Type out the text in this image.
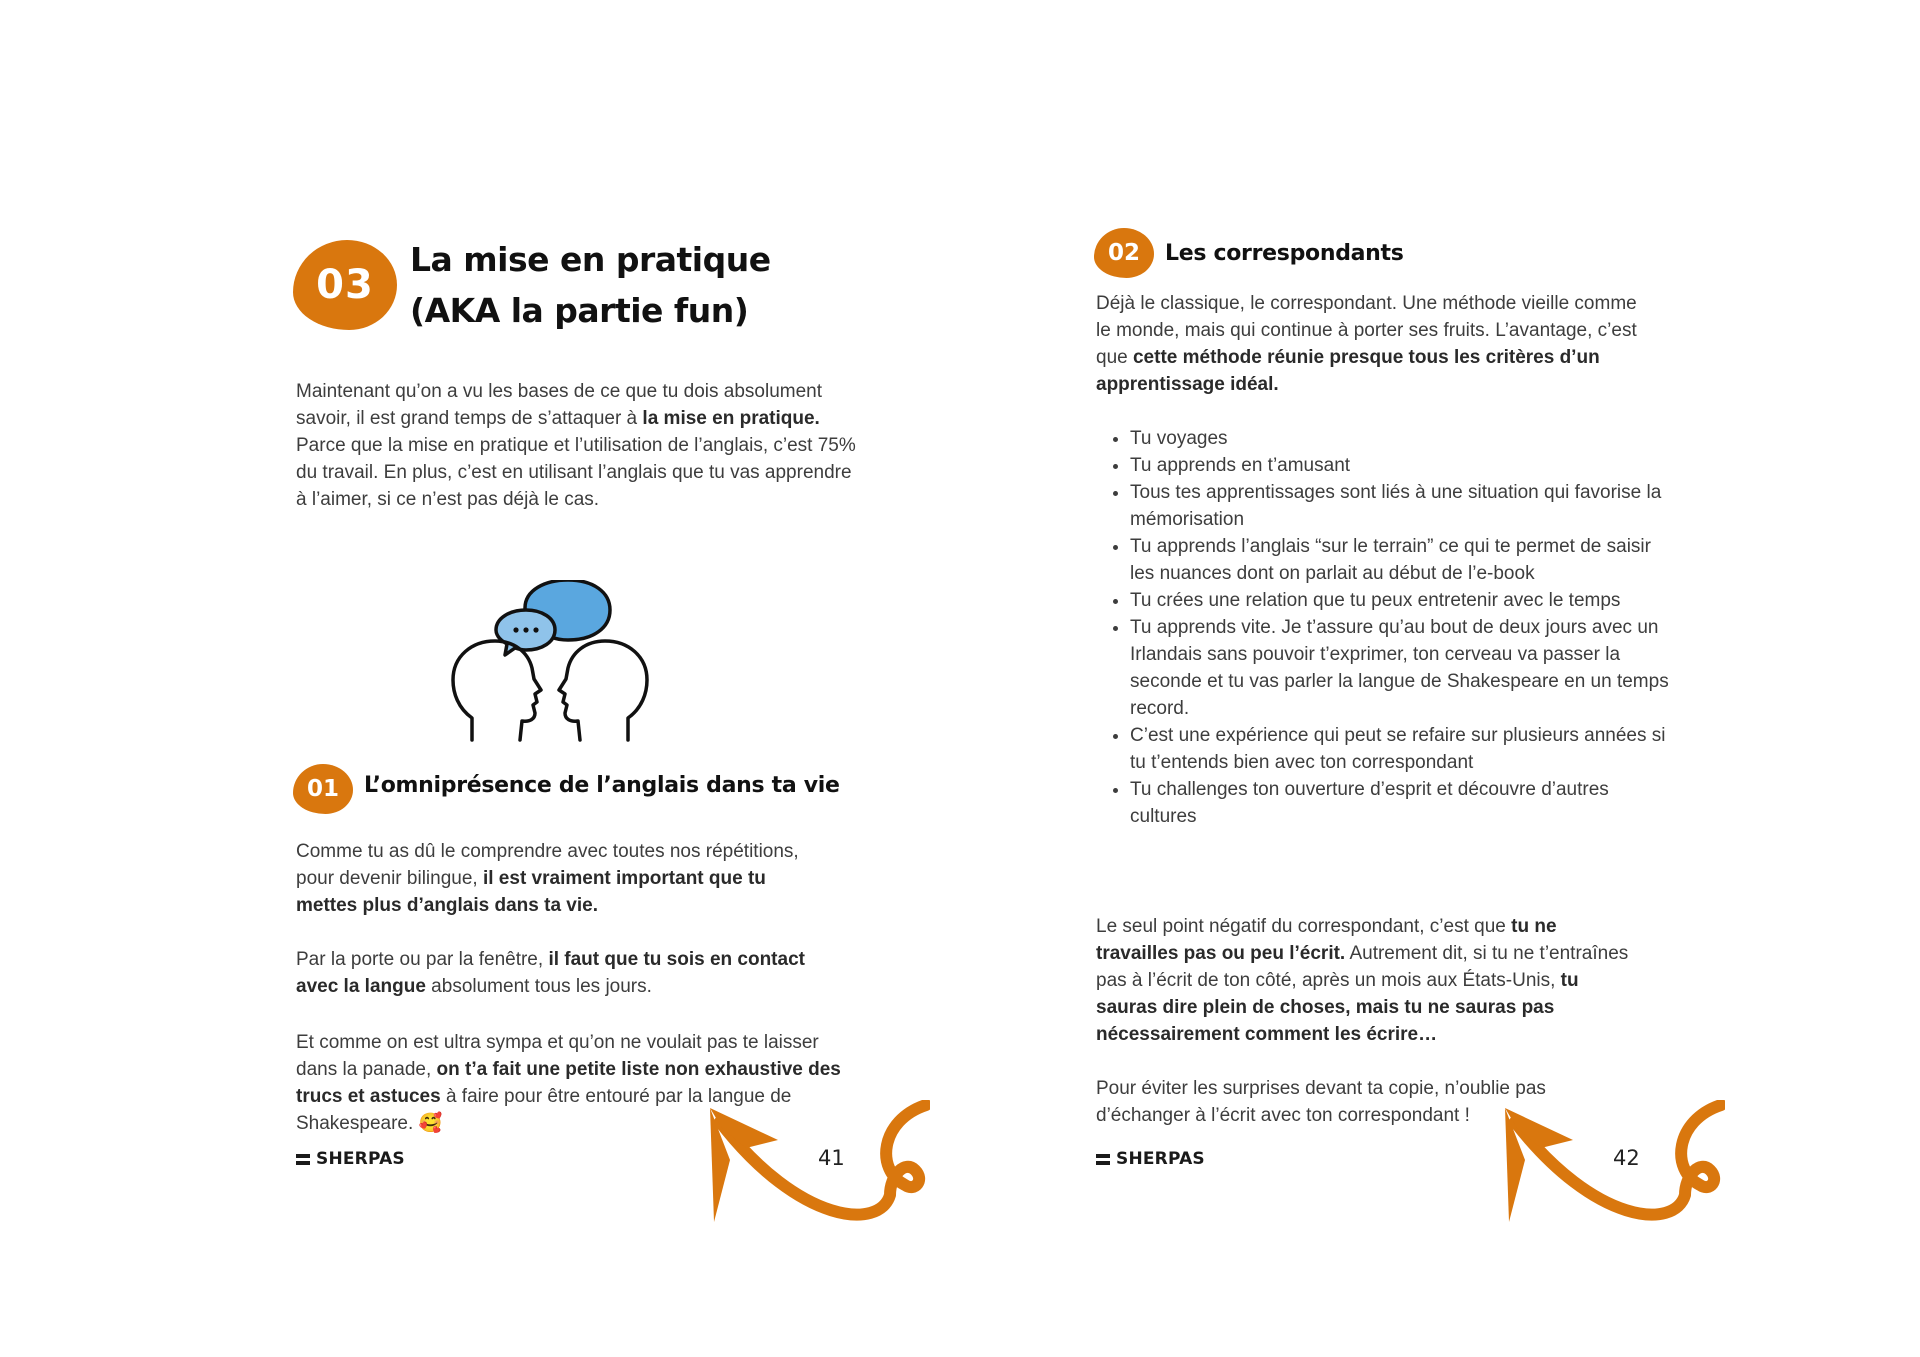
03
La mise en pratique (AKA la partie fun)

Maintenant qu’on a vu les bases de ce que tu dois absolument savoir, il est grand temps de s’attaquer à la mise en pratique. Parce que la mise en pratique et l’utilisation de l’anglais, c’est 75% du travail. En plus, c’est en utilisant l’anglais que tu vas apprendre à l’aimer, si ce n’est pas déjà le cas.

01 L’omniprésence de l’anglais dans ta vie

Comme tu as dû le comprendre avec toutes nos répétitions, pour devenir bilingue, il est vraiment important que tu mettes plus d’anglais dans ta vie.

Par la porte ou par la fenêtre, il faut que tu sois en contact avec la langue absolument tous les jours.

Et comme on est ultra sympa et qu’on ne voulait pas te laisser dans la panade, on t’a fait une petite liste non exhaustive des trucs et astuces à faire pour être entouré par la langue de Shakespeare. 🥰

SHERPAS	41
02 Les correspondants

Déjà le classique, le correspondant. Une méthode vieille comme le monde, mais qui continue à porter ses fruits. L’avantage, c’est que cette méthode réunie presque tous les critères d’un apprentissage idéal.

• Tu voyages
• Tu apprends en t’amusant
• Tous tes apprentissages sont liés à une situation qui favorise la mémorisation
• Tu apprends l’anglais “sur le terrain” ce qui te permet de saisir les nuances dont on parlait au début de l’e-book
• Tu crées une relation que tu peux entretenir avec le temps
• Tu apprends vite. Je t’assure qu’au bout de deux jours avec un Irlandais sans pouvoir t’exprimer, ton cerveau va passer la seconde et tu vas parler la langue de Shakespeare en un temps record.
• C’est une expérience qui peut se refaire sur plusieurs années si tu t’entends bien avec ton correspondant
• Tu challenges ton ouverture d’esprit et découvre d’autres cultures

Le seul point négatif du correspondant, c’est que tu ne travailles pas ou peu l’écrit. Autrement dit, si tu ne t’entraînes pas à l’écrit de ton côté, après un mois aux États-Unis, tu sauras dire plein de choses, mais tu ne sauras pas nécessairement comment les écrire…

Pour éviter les surprises devant ta copie, n’oublie pas d’échanger à l’écrit avec ton correspondant !

SHERPAS	42
